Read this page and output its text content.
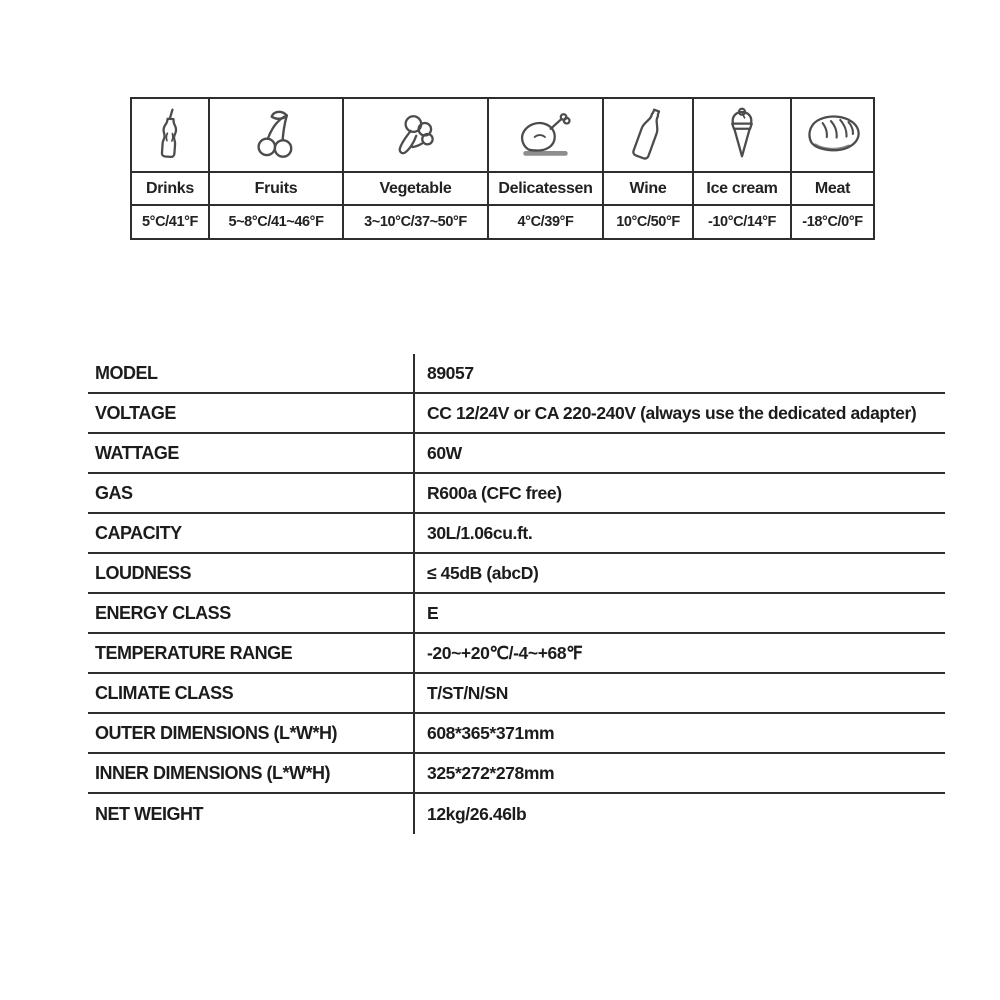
Drinks	Fruits	Vegetable	Delicatessen	Wine	Ice cream	Meat
5°C/41°F	5~8°C/41~46°F	3~10°C/37~50°F	4°C/39°F	10°C/50°F	-10°C/14°F	-18°C/0°F
MODEL	89057
VOLTAGE	CC 12/24V or CA 220-240V (always use the dedicated adapter)
WATTAGE	60W
GAS	R600a (CFC free)
CAPACITY	30L/1.06cu.ft.
LOUDNESS	≤ 45dB (abcD)
ENERGY CLASS	E
TEMPERATURE RANGE	-20~+20℃/-4~+68℉
CLIMATE CLASS	T/ST/N/SN
OUTER DIMENSIONS (L*W*H)	608*365*371mm
INNER DIMENSIONS (L*W*H)	325*272*278mm
NET WEIGHT	12kg/26.46lb
